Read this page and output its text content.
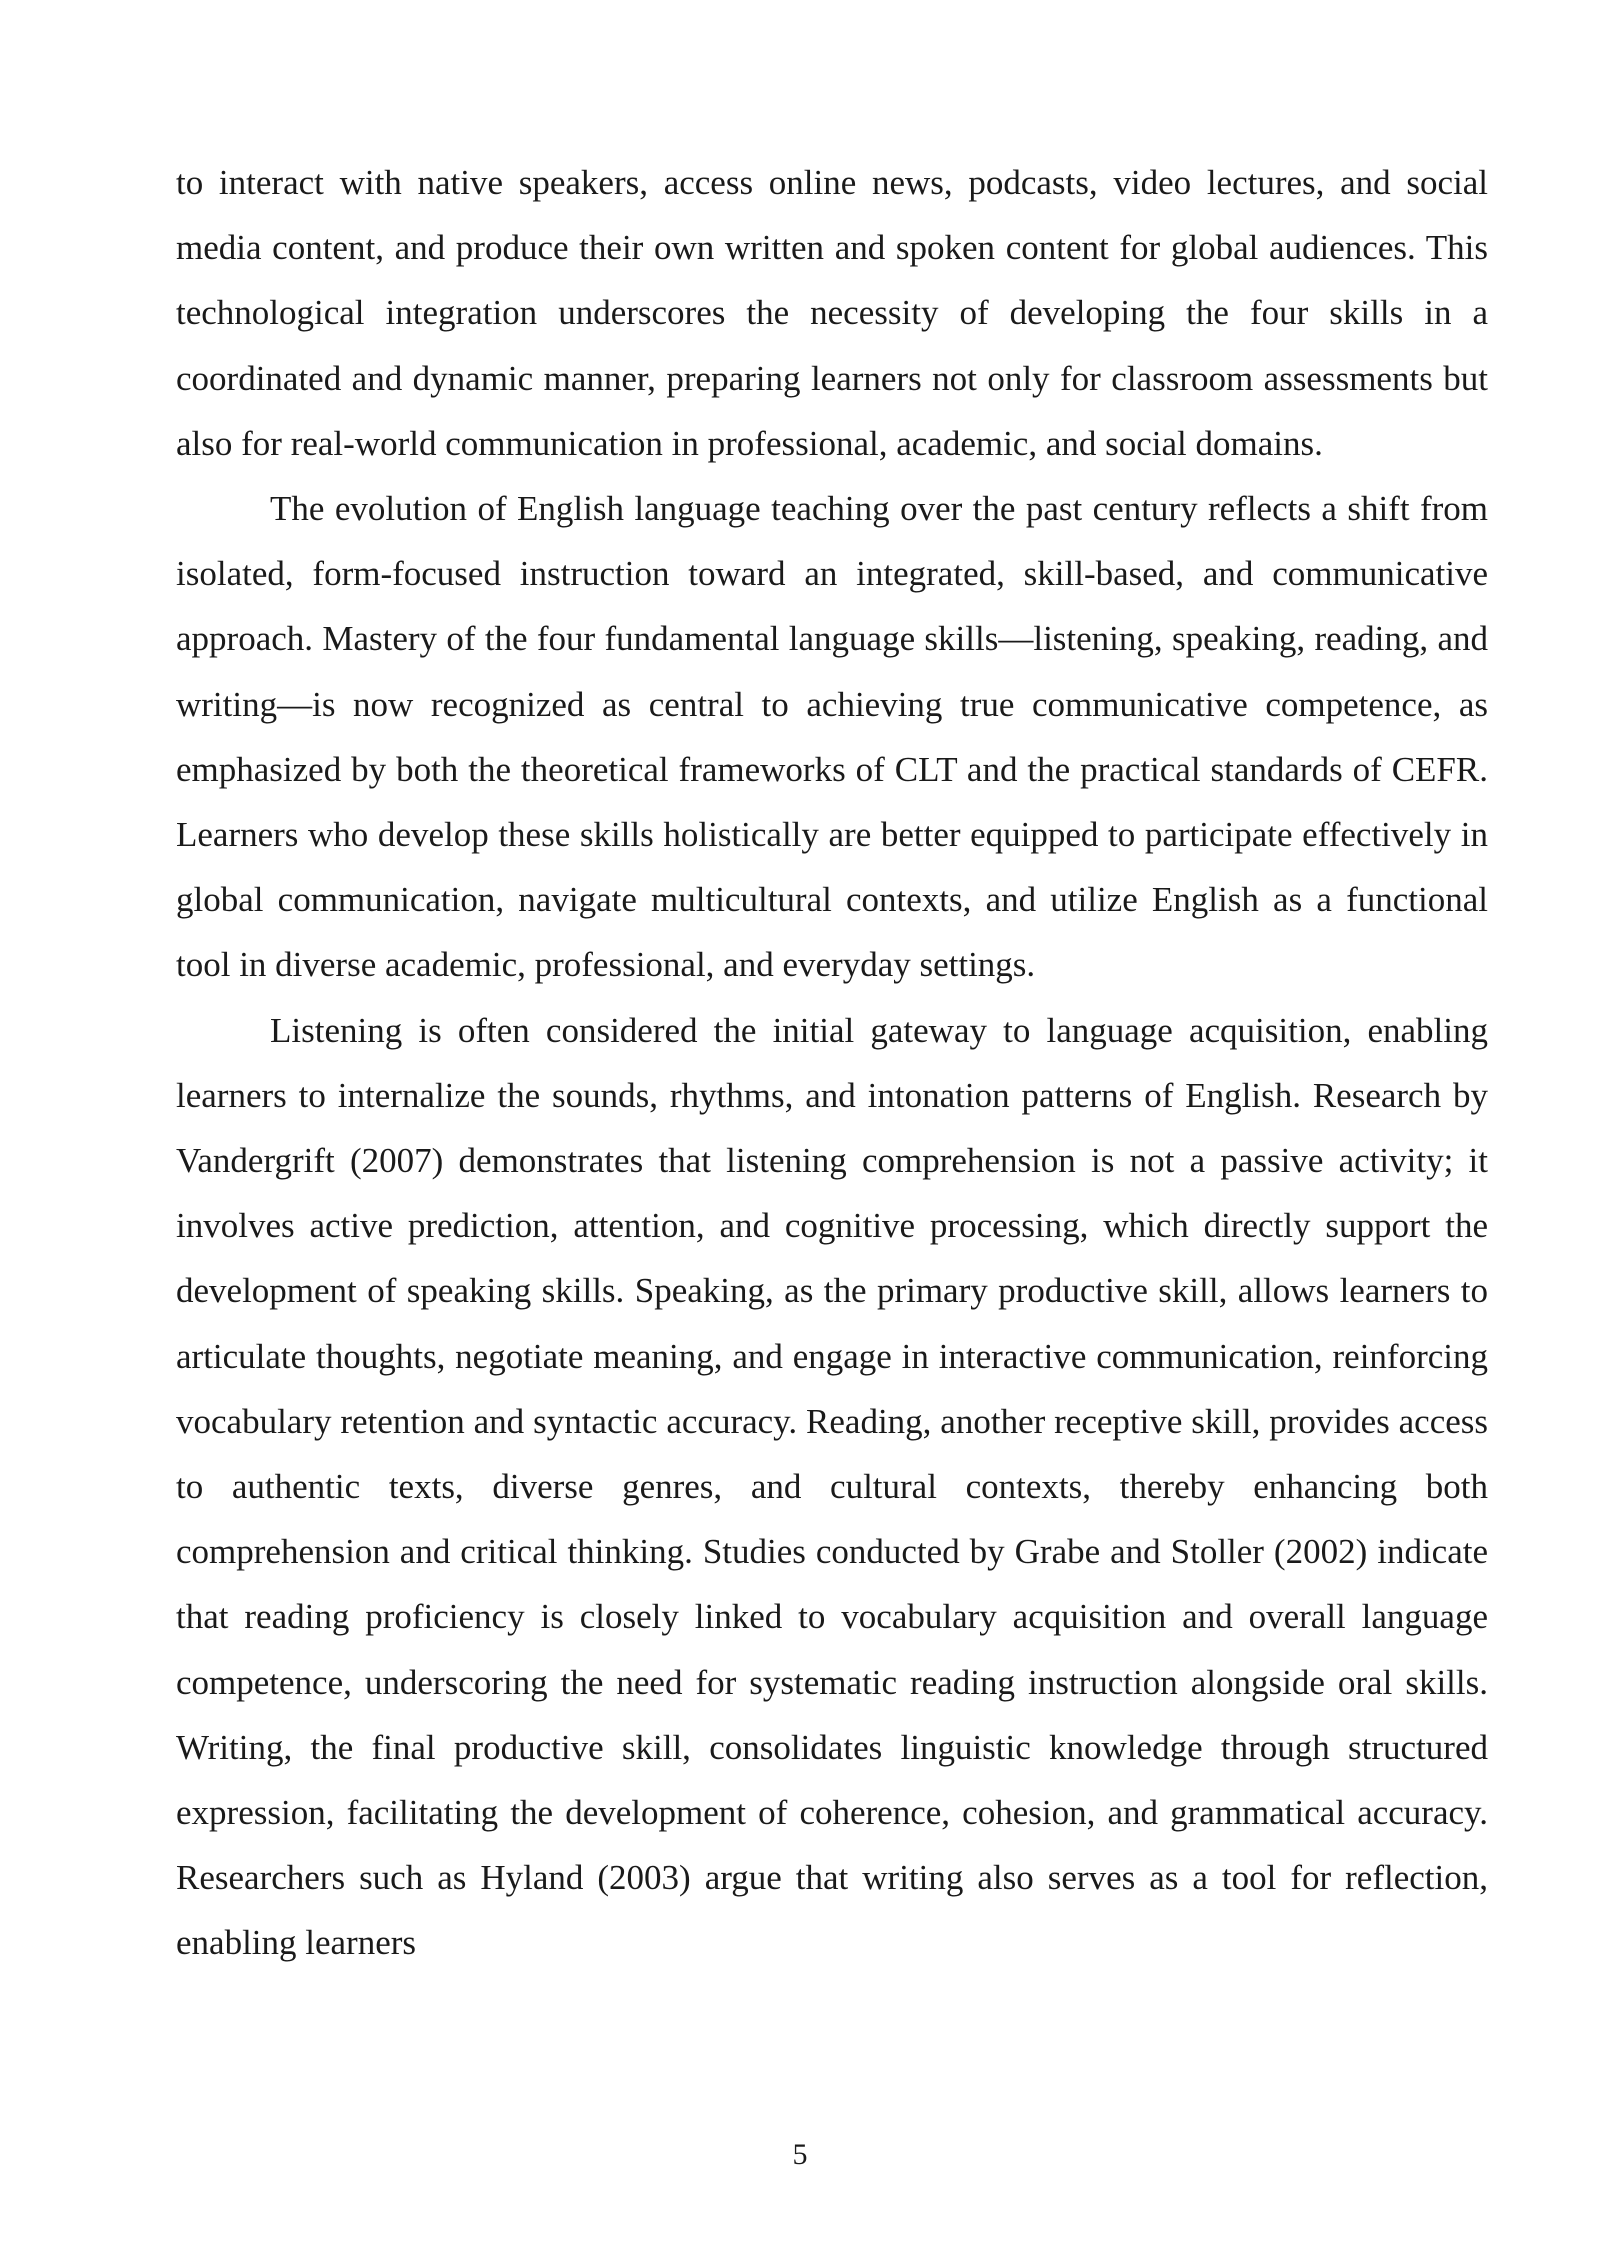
to interact with native speakers, access online news, podcasts, video lectures, and social media content, and produce their own written and spoken content for global audiences. This technological integration underscores the necessity of developing the four skills in a coordinated and dynamic manner, preparing learners not only for classroom assessments but also for real-world communication in professional, academic, and social domains.

The evolution of English language teaching over the past century reflects a shift from isolated, form-focused instruction toward an integrated, skill-based, and communicative approach. Mastery of the four fundamental language skills—listening, speaking, reading, and writing—is now recognized as central to achieving true communicative competence, as emphasized by both the theoretical frameworks of CLT and the practical standards of CEFR. Learners who develop these skills holistically are better equipped to participate effectively in global communication, navigate multicultural contexts, and utilize English as a functional tool in diverse academic, professional, and everyday settings.

Listening is often considered the initial gateway to language acquisition, enabling learners to internalize the sounds, rhythms, and intonation patterns of English. Research by Vandergrift (2007) demonstrates that listening comprehension is not a passive activity; it involves active prediction, attention, and cognitive processing, which directly support the development of speaking skills. Speaking, as the primary productive skill, allows learners to articulate thoughts, negotiate meaning, and engage in interactive communication, reinforcing vocabulary retention and syntactic accuracy. Reading, another receptive skill, provides access to authentic texts, diverse genres, and cultural contexts, thereby enhancing both comprehension and critical thinking. Studies conducted by Grabe and Stoller (2002) indicate that reading proficiency is closely linked to vocabulary acquisition and overall language competence, underscoring the need for systematic reading instruction alongside oral skills. Writing, the final productive skill, consolidates linguistic knowledge through structured expression, facilitating the development of coherence, cohesion, and grammatical accuracy. Researchers such as Hyland (2003) argue that writing also serves as a tool for reflection, enabling learners

5
